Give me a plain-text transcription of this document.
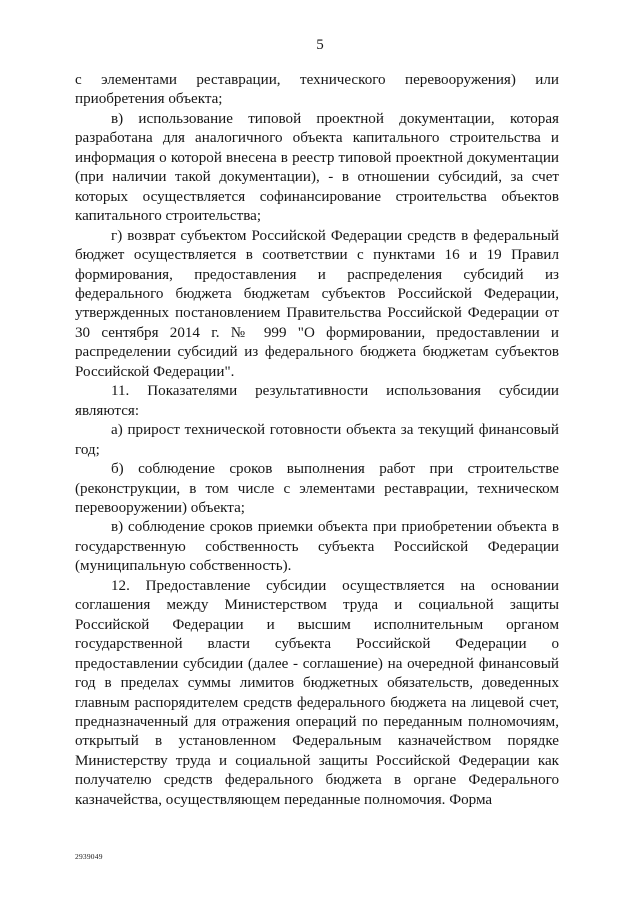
5

с элементами реставрации, технического перевооружения) или приобретения объекта;

в) использование типовой проектной документации, которая разработана для аналогичного объекта капитального строительства и информация о которой внесена в реестр типовой проектной документации (при наличии такой документации), - в отношении субсидий, за счет которых осуществляется софинансирование строительства объектов капитального строительства;

г) возврат субъектом Российской Федерации средств в федеральный бюджет осуществляется в соответствии с пунктами 16 и 19 Правил формирования, предоставления и распределения субсидий из федерального бюджета бюджетам субъектов Российской Федерации, утвержденных постановлением Правительства Российской Федерации от 30 сентября 2014 г. № 999 "О формировании, предоставлении и распределении субсидий из федерального бюджета бюджетам субъектов Российской Федерации".

11. Показателями результативности использования субсидии являются:

а) прирост технической готовности объекта за текущий финансовый год;

б) соблюдение сроков выполнения работ при строительстве (реконструкции, в том числе с элементами реставрации, техническом перевооружении) объекта;

в) соблюдение сроков приемки объекта при приобретении объекта в государственную собственность субъекта Российской Федерации (муниципальную собственность).

12. Предоставление субсидии осуществляется на основании соглашения между Министерством труда и социальной защиты Российской Федерации и высшим исполнительным органом государственной власти субъекта Российской Федерации о предоставлении субсидии (далее - соглашение) на очередной финансовый год в пределах суммы лимитов бюджетных обязательств, доведенных главным распорядителем средств федерального бюджета на лицевой счет, предназначенный для отражения операций по переданным полномочиям, открытый в установленном Федеральным казначейством порядке Министерству труда и социальной защиты Российской Федерации как получателю средств федерального бюджета в органе Федерального казначейства, осуществляющем переданные полномочия. Форма

2939049
